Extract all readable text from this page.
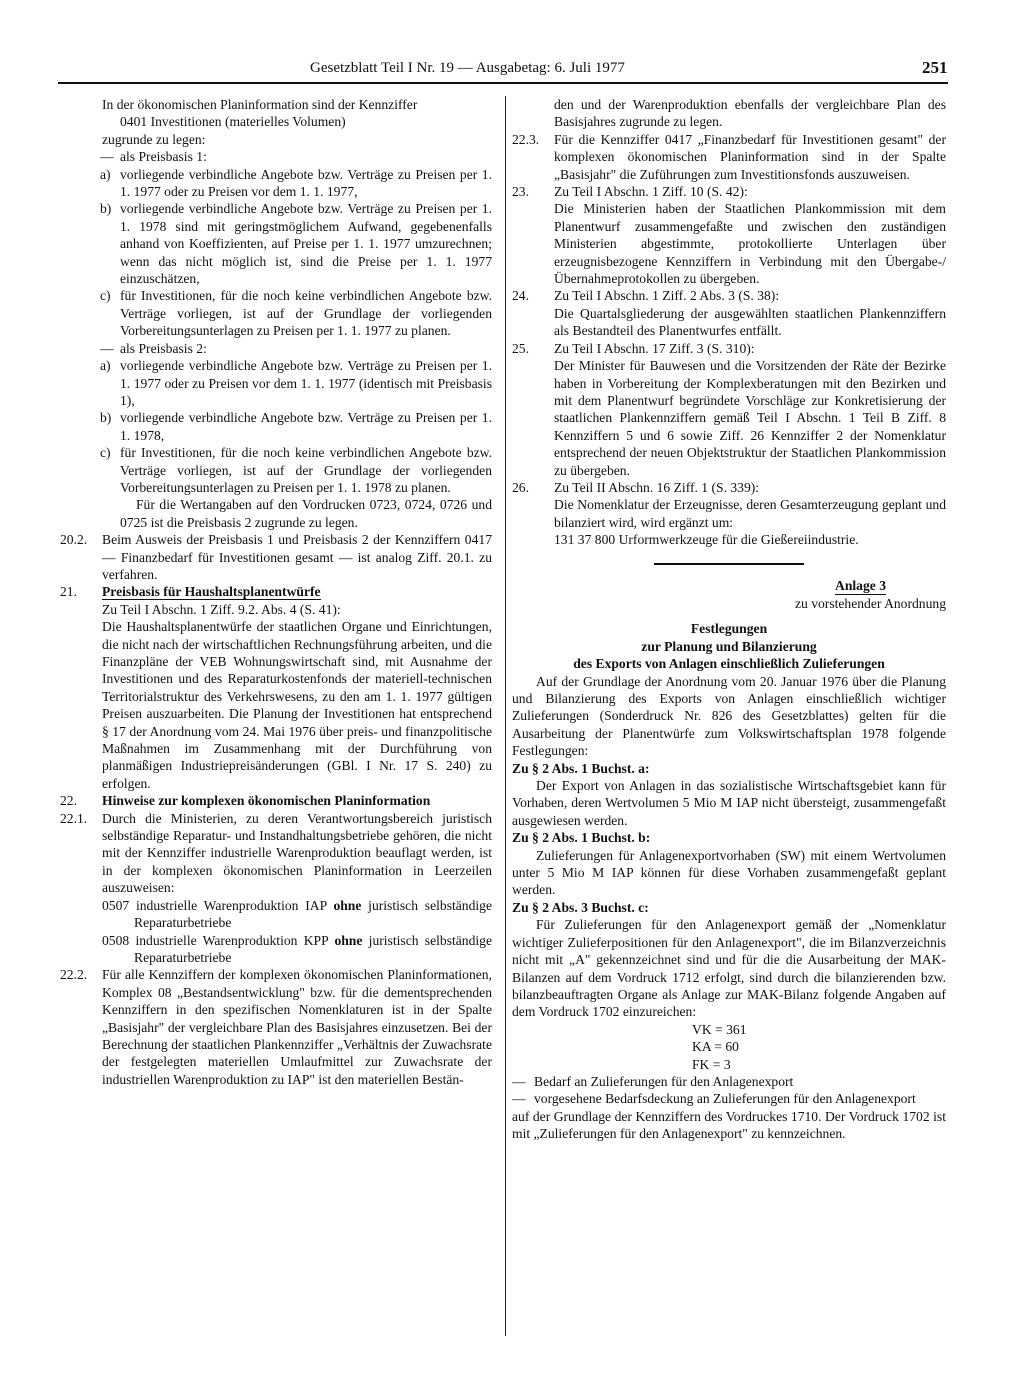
Gesetzblatt Teil I Nr. 19 — Ausgabetag: 6. Juli 1977	251

In der ökonomischen Planinformation sind der Kennziffer

0401 Investitionen (materielles Volumen)

zugrunde zu legen:

— als Preisbasis 1:
a) vorliegende verbindliche Angebote bzw. Verträge zu Preisen per 1. 1. 1977 oder zu Preisen vor dem 1. 1. 1977,
b) vorliegende verbindliche Angebote bzw. Verträge zu Preisen per 1. 1. 1978 sind mit geringstmöglichem Aufwand, gegebenenfalls anhand von Koeffizienten, auf Preise per 1. 1. 1977 umzurechnen; wenn das nicht möglich ist, sind die Preise per 1. 1. 1977 einzuschätzen,
c) für Investitionen, für die noch keine verbindlichen Angebote bzw. Verträge vorliegen, ist auf der Grundlage der vorliegenden Vorbereitungsunterlagen zu Preisen per 1. 1. 1977 zu planen.
— als Preisbasis 2:
a) vorliegende verbindliche Angebote bzw. Verträge zu Preisen per 1. 1. 1977 oder zu Preisen vor dem 1. 1. 1977 (identisch mit Preisbasis 1),
b) vorliegende verbindliche Angebote bzw. Verträge zu Preisen per 1. 1. 1978,
c) für Investitionen, für die noch keine verbindlichen Angebote bzw. Verträge vorliegen, ist auf der Grundlage der vorliegenden Vorbereitungsunterlagen zu Preisen per 1. 1. 1978 zu planen.

Für die Wertangaben auf den Vordrucken 0723, 0724, 0726 und 0725 ist die Preisbasis 2 zugrunde zu legen.

20.2. Beim Ausweis der Preisbasis 1 und Preisbasis 2 der Kennziffern 0417 — Finanzbedarf für Investitionen gesamt — ist analog Ziff. 20.1. zu verfahren.
21. Preisbasis für Haushaltsplanentwürfe

Zu Teil I Abschn. 1 Ziff. 9.2. Abs. 4 (S. 41):

Die Haushaltsplanentwürfe der staatlichen Organe und Einrichtungen, die nicht nach der wirtschaftlichen Rechnungsführung arbeiten, und die Finanzpläne der VEB Wohnungswirtschaft sind, mit Ausnahme der Investitionen und des Reparaturkostenfonds der materiell-technischen Territorialstruktur des Verkehrswesens, zu den am 1. 1. 1977 gültigen Preisen auszuarbeiten. Die Planung der Investitionen hat entsprechend § 17 der Anordnung vom 24. Mai 1976 über preis- und finanzpolitische Maßnahmen im Zusammenhang mit der Durchführung von planmäßigen Industriepreisänderungen (GBl. I Nr. 17 S. 240) zu erfolgen.

22. Hinweise zur komplexen ökonomischen Planinformation
22.1. Durch die Ministerien, zu deren Verantwortungsbereich juristisch selbständige Reparatur- und Instandhaltungsbetriebe gehören, die nicht mit der Kennziffer industrielle Warenproduktion beauflagt werden, ist in der komplexen ökonomischen Planinformation in Leerzeilen auszuweisen:

0507 industrielle Warenproduktion IAP ohne juristisch selbständige Reparaturbetriebe

0508 industrielle Warenproduktion KPP ohne juristisch selbständige Reparaturbetriebe

22.2. Für alle Kennziffern der komplexen ökonomischen Planinformationen, Komplex 08 „Bestandsentwicklung" bzw. für die dementsprechenden Kennziffern in den spezifischen Nomenklaturen ist in der Spalte „Basisjahr" der vergleichbare Plan des Basisjahres einzusetzen. Bei der Berechnung der staatlichen Plankennziffer „Verhältnis der Zuwachsrate der festgelegten materiellen Umlaufmittel zur Zuwachsrate der industriellen Warenproduktion zu IAP" ist den materiellen Bestän-

den und der Warenproduktion ebenfalls der vergleichbare Plan des Basisjahres zugrunde zu legen.

22.3. Für die Kennziffer 0417 „Finanzbedarf für Investitionen gesamt" der komplexen ökonomischen Planinformation sind in der Spalte „Basisjahr" die Zuführungen zum Investitionsfonds auszuweisen.
23. Zu Teil I Abschn. 1 Ziff. 10 (S. 42):

Die Ministerien haben der Staatlichen Plankommission mit dem Planentwurf zusammengefaßte und zwischen den zuständigen Ministerien abgestimmte, protokollierte Unterlagen über erzeugnisbezogene Kennziffern in Verbindung mit den Übergabe-/Übernahmeprotokollen zu übergeben.

24. Zu Teil I Abschn. 1 Ziff. 2 Abs. 3 (S. 38):

Die Quartalsgliederung der ausgewählten staatlichen Plankennziffern als Bestandteil des Planentwurfes entfällt.

25. Zu Teil I Abschn. 17 Ziff. 3 (S. 310):

Der Minister für Bauwesen und die Vorsitzenden der Räte der Bezirke haben in Vorbereitung der Komplexberatungen mit den Bezirken und mit dem Planentwurf begründete Vorschläge zur Konkretisierung der staatlichen Plankennziffern gemäß Teil I Abschn. 1 Teil B Ziff. 8 Kennziffern 5 und 6 sowie Ziff. 26 Kennziffer 2 der Nomenklatur entsprechend der neuen Objektstruktur der Staatlichen Plankommission zu übergeben.

26. Zu Teil II Abschn. 16 Ziff. 1 (S. 339):

Die Nomenklatur der Erzeugnisse, deren Gesamterzeugung geplant und bilanziert wird, wird ergänzt um:

131 37 800 Urformwerkzeuge für die Gießereiindustrie.

Anlage 3

zu vorstehender Anordnung

Festlegungen

zur Planung und Bilanzierung

des Exports von Anlagen einschließlich Zulieferungen

Auf der Grundlage der Anordnung vom 20. Januar 1976 über die Planung und Bilanzierung des Exports von Anlagen einschließlich wichtiger Zulieferungen (Sonderdruck Nr. 826 des Gesetzblattes) gelten für die Ausarbeitung der Planentwürfe zum Volkswirtschaftsplan 1978 folgende Festlegungen:

Zu § 2 Abs. 1 Buchst. a:

Der Export von Anlagen in das sozialistische Wirtschaftsgebiet kann für Vorhaben, deren Wertvolumen 5 Mio M IAP nicht übersteigt, zusammengefaßt ausgewiesen werden.

Zu § 2 Abs. 1 Buchst. b:

Zulieferungen für Anlagenexportvorhaben (SW) mit einem Wertvolumen unter 5 Mio M IAP können für diese Vorhaben zusammengefaßt geplant werden.

Zu § 2 Abs. 3 Buchst. c:

Für Zulieferungen für den Anlagenexport gemäß der „Nomenklatur wichtiger Zulieferpositionen für den Anlagenexport", die im Bilanzverzeichnis nicht mit „A" gekennzeichnet sind und für die die Ausarbeitung der MAK-Bilanzen auf dem Vordruck 1712 erfolgt, sind durch die bilanzierenden bzw. bilanzbeauftragten Organe als Anlage zur MAK-Bilanz folgende Angaben auf dem Vordruck 1702 einzureichen:

VK = 361

KA = 60

FK = 3

— Bedarf an Zulieferungen für den Anlagenexport
— vorgesehene Bedarfsdeckung an Zulieferungen für den Anlagenexport

auf der Grundlage der Kennziffern des Vordruckes 1710. Der Vordruck 1702 ist mit „Zulieferungen für den Anlagenexport" zu kennzeichnen.
